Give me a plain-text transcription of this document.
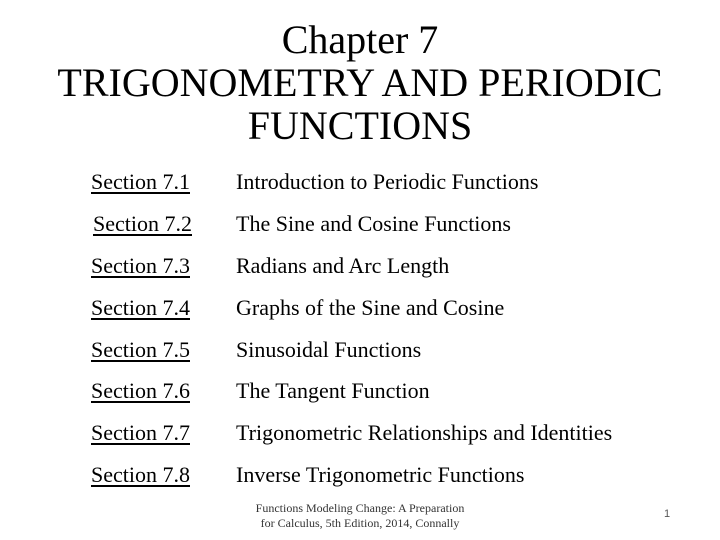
Chapter 7
TRIGONOMETRY AND PERIODIC
FUNCTIONS
Section 7.1 Introduction to Periodic Functions
Section 7.2 The Sine and Cosine Functions
Section 7.3 Radians and Arc Length
Section 7.4 Graphs of the Sine and Cosine
Section 7.5 Sinusoidal Functions
Section 7.6 The Tangent Function
Section 7.7 Trigonometric Relationships and Identities
Section 7.8 Inverse Trigonometric Functions
Functions Modeling Change: A Preparation
for Calculus, 5th Edition, 2014, Connally
1
